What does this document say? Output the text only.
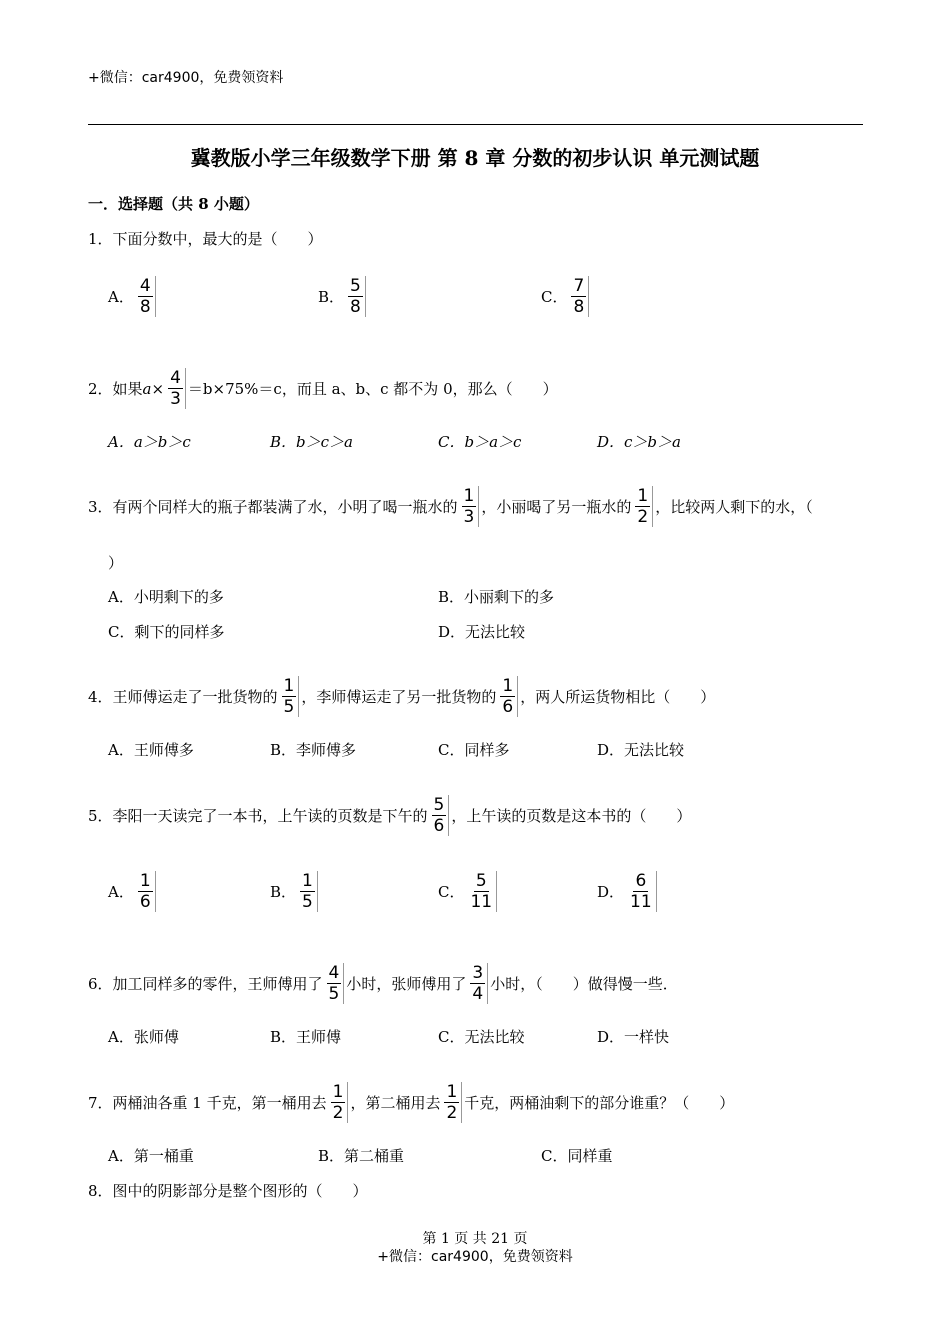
+微信：car4900，免费领资料
冀教版小学三年级数学下册 第 8 章 分数的初步认识 单元测试题
一．选择题（共 8 小题）
1．下面分数中，最大的是（　　）
A． $\frac{4}{8}$	B． $\frac{5}{8}$	C． $\frac{7}{8}$
2．如果 $a \times \frac{4}{3} =b\times 75\%=c$，而且 a、b、c 都不为 0，那么（　　）
A．a＞b＞c	B．b＞c＞a	C．b＞a＞c	D．c＞b＞a
3．有两个同样大的瓶子都装满了水，小明了喝一瓶水的 $\frac{1}{3}$ ，小丽喝了另一瓶水的 $\frac{1}{2}$ ，比较两人剩下的水，（
）
A．小明剩下的多	B．小丽剩下的多
C．剩下的同样多	D．无法比较
4．王师傅运走了一批货物的 $\frac{1}{5}$ ，李师傅运走了另一批货物的 $\frac{1}{6}$ ，两人所运货物相比（　　）
A．王师傅多	B．李师傅多	C．同样多	D．无法比较
5．李阳一天读完了一本书，上午读的页数是下午的 $\frac{5}{6}$ ，上午读的页数是这本书的（　　）
A． $\frac{1}{6}$	B． $\frac{1}{5}$	C． $\frac{5}{11}$	D． $\frac{6}{11}$
6．加工同样多的零件，王师傅用了 $\frac{4}{5}$ 小时，张师傅用了 $\frac{3}{4}$ 小时，（　　）做得慢一些．
A．张师傅	B．王师傅	C．无法比较	D．一样快
7．两桶油各重 1 千克，第一桶用去 $\frac{1}{2}$ ，第二桶用去 $\frac{1}{2}$ 千克，两桶油剩下的部分谁重？（　　）
A．第一桶重	B．第二桶重	C．同样重
8．图中的阴影部分是整个图形的（　　）
第 1 页 共 21 页
+微信：car4900，免费领资料
